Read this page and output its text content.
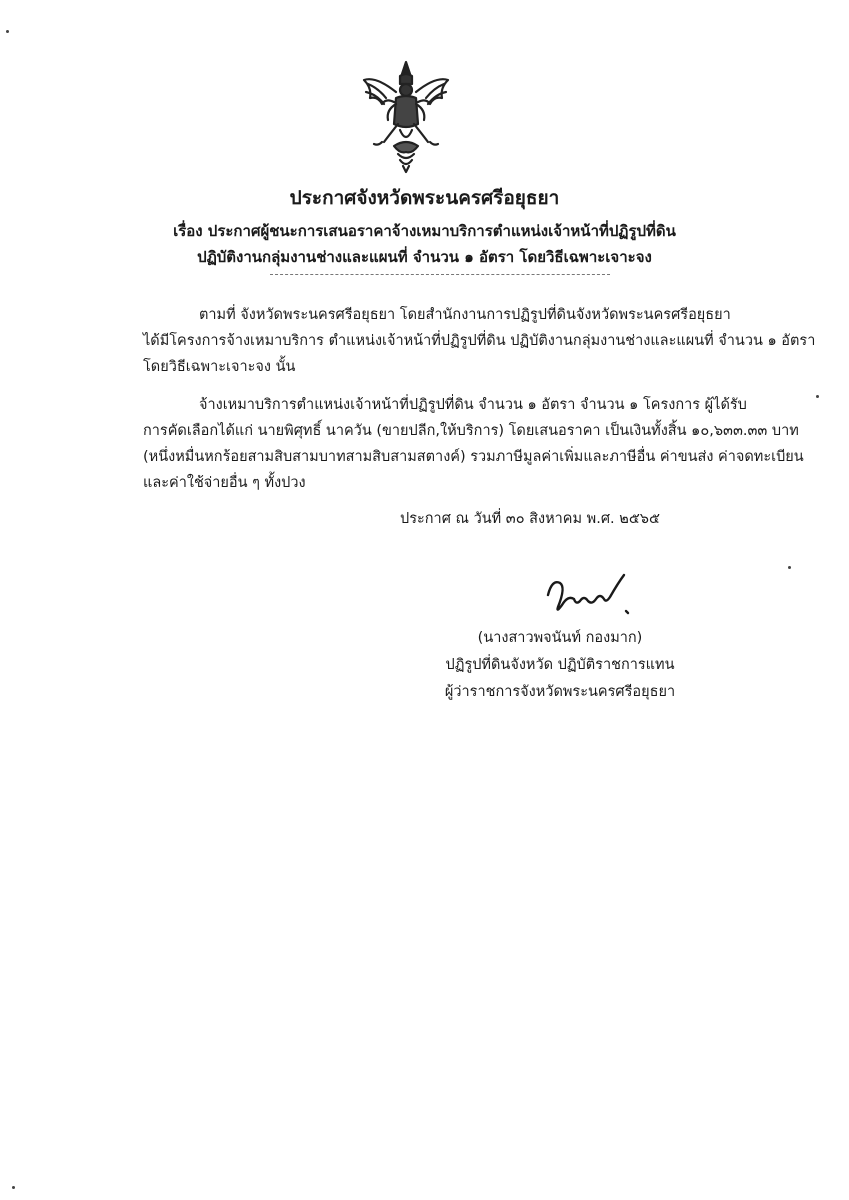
ประกาศจังหวัดพระนครศรีอยุธยา
เรื่อง ประกาศผู้ชนะการเสนอราคาจ้างเหมาบริการตำแหน่งเจ้าหน้าที่ปฏิรูปที่ดิน
ปฏิบัติงานกลุ่มงานช่างและแผนที่ จำนวน ๑ อัตรา โดยวิธีเฉพาะเจาะจง
ตามที่ จังหวัดพระนครศรีอยุธยา โดยสำนักงานการปฏิรูปที่ดินจังหวัดพระนครศรีอยุธยา
ได้มีโครงการจ้างเหมาบริการ ตำแหน่งเจ้าหน้าที่ปฏิรูปที่ดิน ปฏิบัติงานกลุ่มงานช่างและแผนที่ จำนวน ๑ อัตรา
โดยวิธีเฉพาะเจาะจง นั้น
จ้างเหมาบริการตำแหน่งเจ้าหน้าที่ปฏิรูปที่ดิน จำนวน ๑ อัตรา จำนวน ๑ โครงการ ผู้ได้รับ
การคัดเลือกได้แก่ นายพิศุทธิ์ นาควัน (ขายปลีก,ให้บริการ) โดยเสนอราคา เป็นเงินทั้งสิ้น ๑๐,๖๓๓.๓๓ บาท
(หนึ่งหมื่นหกร้อยสามสิบสามบาทสามสิบสามสตางค์) รวมภาษีมูลค่าเพิ่มและภาษีอื่น ค่าขนส่ง ค่าจดทะเบียน
และค่าใช้จ่ายอื่น ๆ ทั้งปวง
ประกาศ ณ วันที่ ๓๐ สิงหาคม พ.ศ. ๒๕๖๕
(นางสาวพจนันท์ กองมาก)
ปฏิรูปที่ดินจังหวัด ปฏิบัติราชการแทน
ผู้ว่าราชการจังหวัดพระนครศรีอยุธยา
